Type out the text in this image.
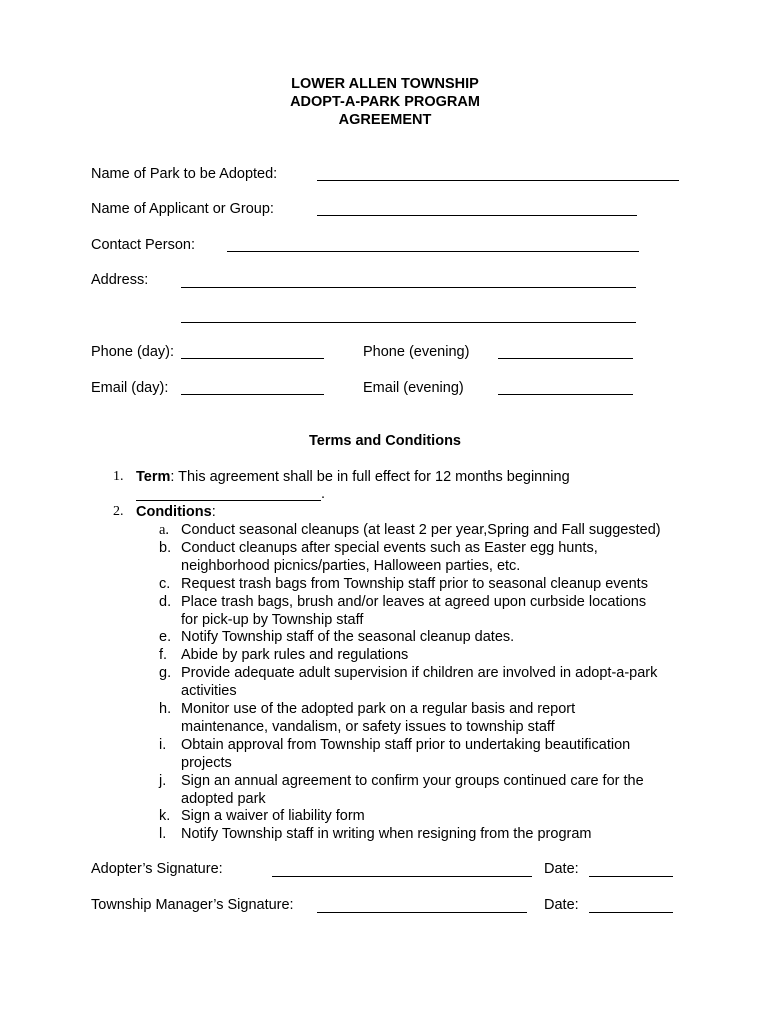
LOWER ALLEN TOWNSHIP
ADOPT-A-PARK PROGRAM
AGREEMENT
Name of Park to be Adopted:
Name of Applicant or Group:
Contact Person:
Address:
Phone (day):	Phone (evening)
Email (day):	Email (evening)
Terms and Conditions
1. Term: This agreement shall be in full effect for 12 months beginning
.
2. Conditions:
a. Conduct seasonal cleanups (at least 2 per year,Spring and Fall suggested)
b. Conduct cleanups after special events such as Easter egg hunts,
neighborhood picnics/parties, Halloween parties, etc.
c. Request trash bags from Township staff prior to seasonal cleanup events
d. Place trash bags, brush and/or leaves at agreed upon curbside locations
for pick-up by Township staff
e. Notify Township staff of the seasonal cleanup dates.
f. Abide by park rules and regulations
g. Provide adequate adult supervision if children are involved in adopt-a-park
activities
h. Monitor use of the adopted park on a regular basis and report
maintenance, vandalism, or safety issues to township staff
i. Obtain approval from Township staff prior to undertaking beautification
projects
j. Sign an annual agreement to confirm your groups continued care for the
adopted park
k. Sign a waiver of liability form
l. Notify Township staff in writing when resigning from the program
Adopter’s Signature:	Date:
Township Manager’s Signature:	Date:
